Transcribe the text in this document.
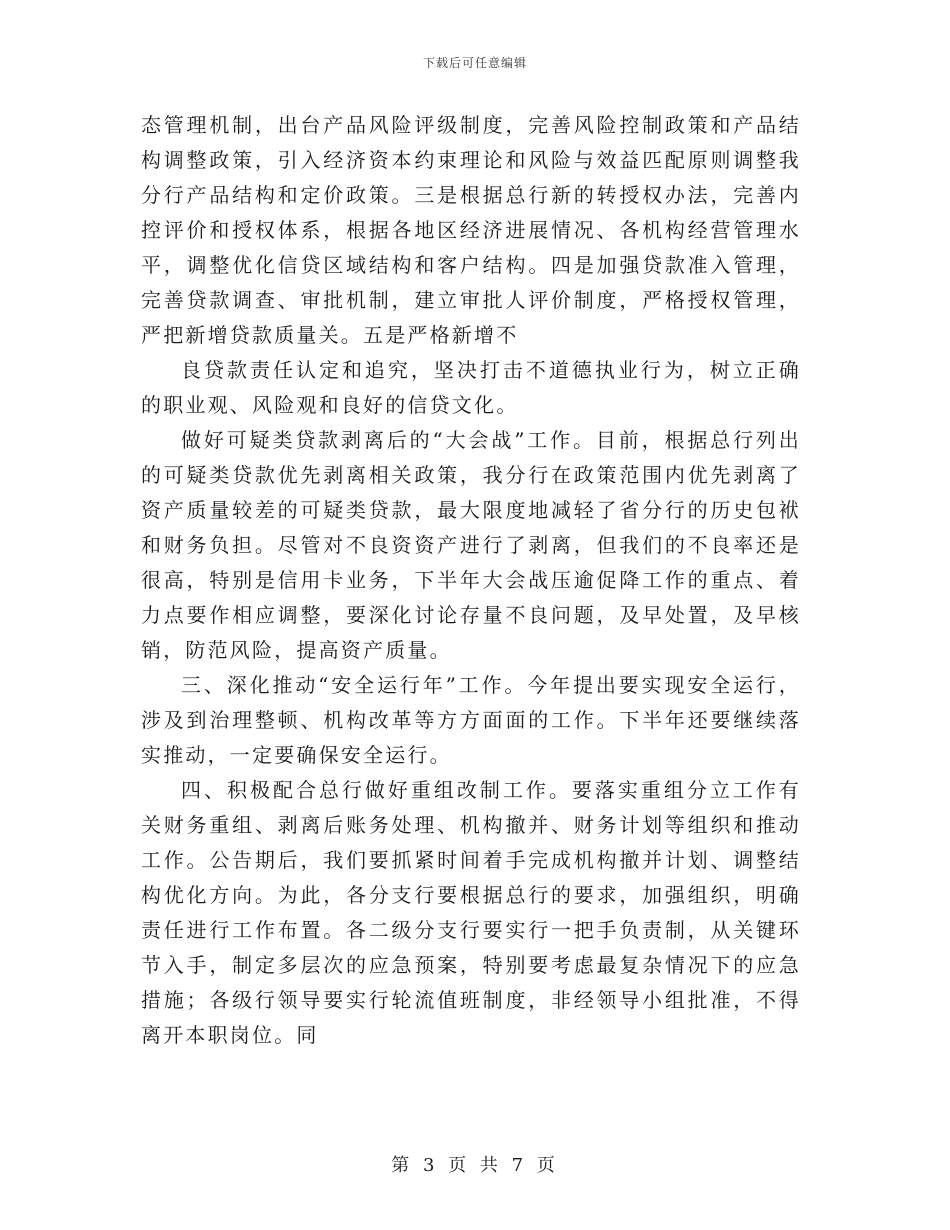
下载后可任意编辑

态管理机制，出台产品风险评级制度，完善风险控制政策和产品结构调整政策，引入经济资本约束理论和风险与效益匹配原则调整我分行产品结构和定价政策。三是根据总行新的转授权办法，完善内控评价和授权体系，根据各地区经济进展情况、各机构经营管理水平，调整优化信贷区域结构和客户结构。四是加强贷款准入管理，完善贷款调查、审批机制，建立审批人评价制度，严格授权管理，严把新增贷款质量关。五是严格新增不

良贷款责任认定和追究，坚决打击不道德执业行为，树立正确的职业观、风险观和良好的信贷文化。

做好可疑类贷款剥离后的“大会战”工作。目前，根据总行列出的可疑类贷款优先剥离相关政策，我分行在政策范围内优先剥离了资产质量较差的可疑类贷款，最大限度地减轻了省分行的历史包袱和财务负担。尽管对不良资资产进行了剥离，但我们的不良率还是很高，特别是信用卡业务，下半年大会战压逾促降工作的重点、着力点要作相应调整，要深化讨论存量不良问题，及早处置，及早核销，防范风险，提高资产质量。

三、深化推动“安全运行年”工作。今年提出要实现安全运行，涉及到治理整顿、机构改革等方方面面的工作。下半年还要继续落实推动，一定要确保安全运行。

四、积极配合总行做好重组改制工作。要落实重组分立工作有关财务重组、剥离后账务处理、机构撤并、财务计划等组织和推动工作。公告期后，我们要抓紧时间着手完成机构撤并计划、调整结构优化方向。为此，各分支行要根据总行的要求，加强组织，明确责任进行工作布置。各二级分支行要实行一把手负责制，从关键环节入手，制定多层次的应急预案，特别要考虑最复杂情况下的应急措施；各级行领导要实行轮流值班制度，非经领导小组批准，不得离开本职岗位。同

第 3 页 共 7 页
